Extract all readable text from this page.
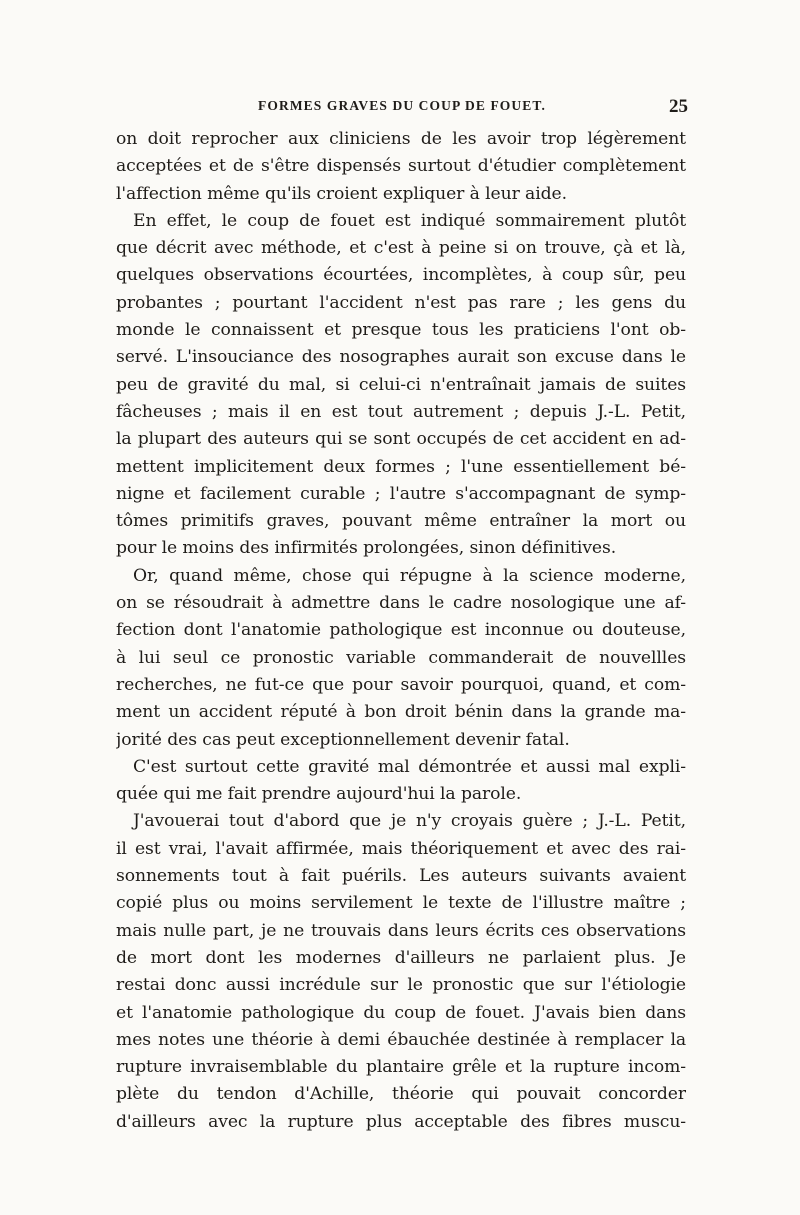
FORMES GRAVES DU COUP DE FOUET.	25
on doit reprocher aux cliniciens de les avoir trop légèrement
acceptées et de s'être dispensés surtout d'étudier complètement
l'affection même qu'ils croient expliquer à leur aide.
En effet, le coup de fouet est indiqué sommairement plutôt
que décrit avec méthode, et c'est à peine si on trouve, çà et là,
quelques observations écourtées, incomplètes, à coup sûr, peu
probantes ; pourtant l'accident n'est pas rare ; les gens du
monde le connaissent et presque tous les praticiens l'ont ob-
servé. L'insouciance des nosographes aurait son excuse dans le
peu de gravité du mal, si celui-ci n'entraînait jamais de suites
fâcheuses ; mais il en est tout autrement ; depuis J.-L. Petit,
la plupart des auteurs qui se sont occupés de cet accident en ad-
mettent implicitement deux formes ; l'une essentiellement bé-
nigne et facilement curable ; l'autre s'accompagnant de symp-
tômes primitifs graves, pouvant même entraîner la mort ou
pour le moins des infirmités prolongées, sinon définitives.
Or, quand même, chose qui répugne à la science moderne,
on se résoudrait à admettre dans le cadre nosologique une af-
fection dont l'anatomie pathologique est inconnue ou douteuse,
à lui seul ce pronostic variable commanderait de nouvellles
recherches, ne fut-ce que pour savoir pourquoi, quand, et com-
ment un accident réputé à bon droit bénin dans la grande ma-
jorité des cas peut exceptionnellement devenir fatal.
C'est surtout cette gravité mal démontrée et aussi mal expli-
quée qui me fait prendre aujourd'hui la parole.
J'avouerai tout d'abord que je n'y croyais guère ; J.-L. Petit,
il est vrai, l'avait affirmée, mais théoriquement et avec des rai-
sonnements tout à fait puérils. Les auteurs suivants avaient
copié plus ou moins servilement le texte de l'illustre maître ;
mais nulle part, je ne trouvais dans leurs écrits ces observations
de mort dont les modernes d'ailleurs ne parlaient plus. Je
restai donc aussi incrédule sur le pronostic que sur l'étiologie
et l'anatomie pathologique du coup de fouet. J'avais bien dans
mes notes une théorie à demi ébauchée destinée à remplacer la
rupture invraisemblable du plantaire grêle et la rupture incom-
plète du tendon d'Achille, théorie qui pouvait concorder
d'ailleurs avec la rupture plus acceptable des fibres muscu-
